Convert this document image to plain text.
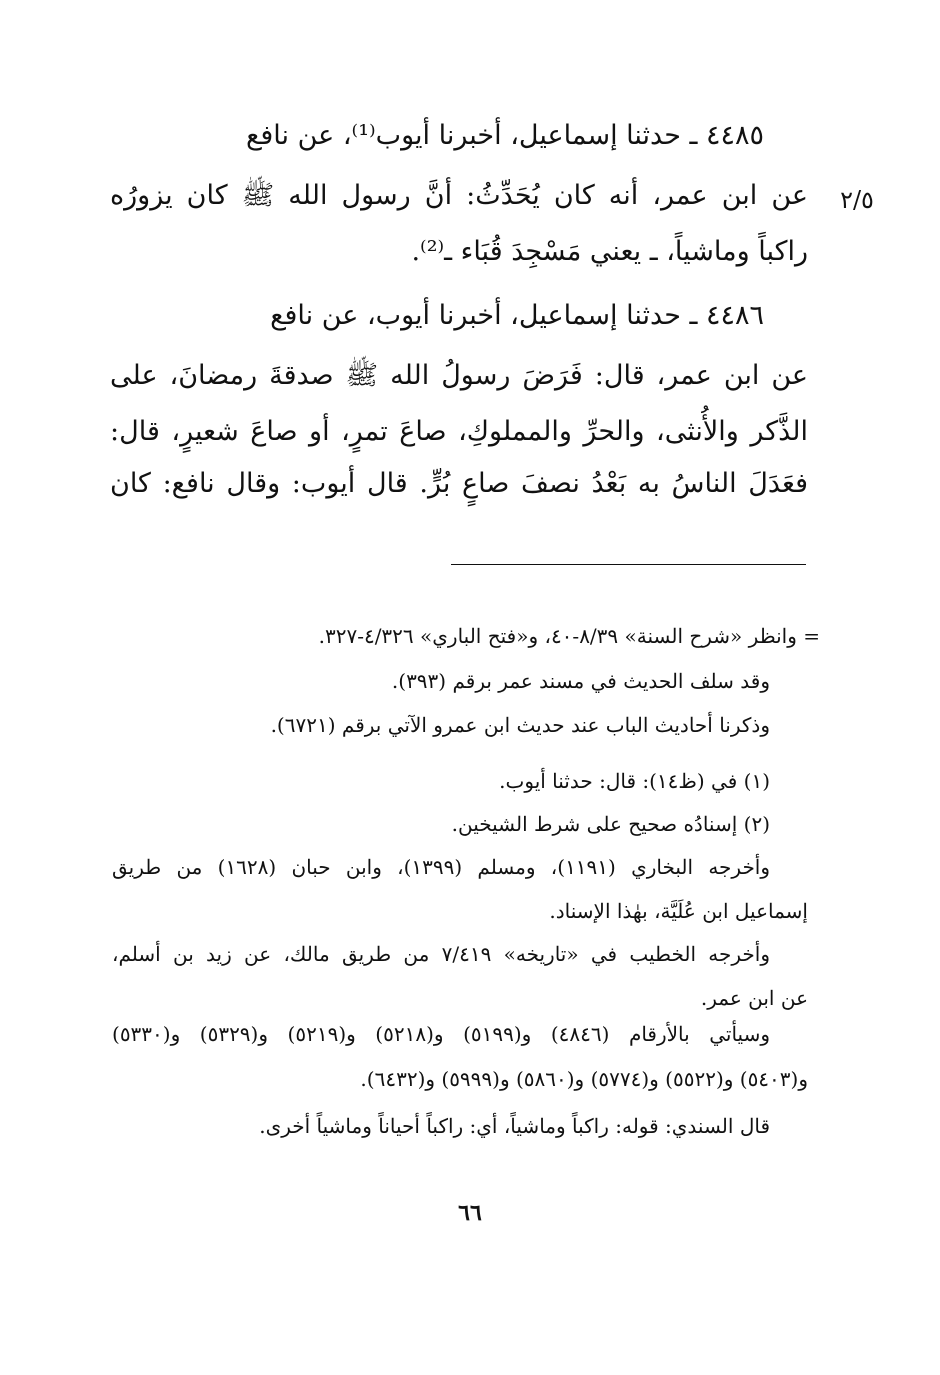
٢/٥
٤٤٨٥ ـ حدثنا إسماعيل، أخبرنا أيوب⁽¹⁾، عن نافع
عن ابن عمر، أنه كان يُحَدِّثُ: أنَّ رسول الله ﷺ كان يزورُه
راكباً وماشياً، ـ يعني مَسْجِدَ قُبَاء ـ⁽²⁾.
٤٤٨٦ ـ حدثنا إسماعيل، أخبرنا أيوب، عن نافع
عن ابن عمر، قال: فَرَضَ رسولُ الله ﷺ صدقةَ رمضانَ، على
الذَّكر والأُنثى، والحرِّ والمملوكِ، صاعَ تمرٍ، أو صاعَ شعيرٍ، قال:
فعَدَلَ الناسُ به بَعْدُ نصفَ صاعٍ بُرٍّ. قال أيوب: وقال نافع: كان
= وانظر «شرح السنة» ٨/٣٩-٤٠، و«فتح الباري» ٤/٣٢٦-٣٢٧.
وقد سلف الحديث في مسند عمر برقم (٣٩٣).
وذكرنا أحاديث الباب عند حديث ابن عمرو الآتي برقم (٦٧٢١).
(١) في (ظ١٤): قال: حدثنا أيوب.
(٢) إسنادُه صحيح على شرط الشيخين.
وأخرجه البخاري (١١٩١)، ومسلم (١٣٩٩)، وابن حبان (١٦٢٨) من طريق
إسماعيل ابن عُلَيَّة، بهٰذا الإسناد.
وأخرجه الخطيب في «تاريخه» ٧/٤١٩ من طريق مالك، عن زيد بن أسلم،
عن ابن عمر.
وسيأتي بالأرقام (٤٨٤٦) و(٥١٩٩) و(٥٢١٨) و(٥٢١٩) و(٥٣٢٩) و(٥٣٣٠)
و(٥٤٠٣) و(٥٥٢٢) و(٥٧٧٤) و(٥٨٦٠) و(٥٩٩٩) و(٦٤٣٢).
قال السندي: قوله: راكباً وماشياً، أي: راكباً أحياناً وماشياً أخرى.
٦٦
